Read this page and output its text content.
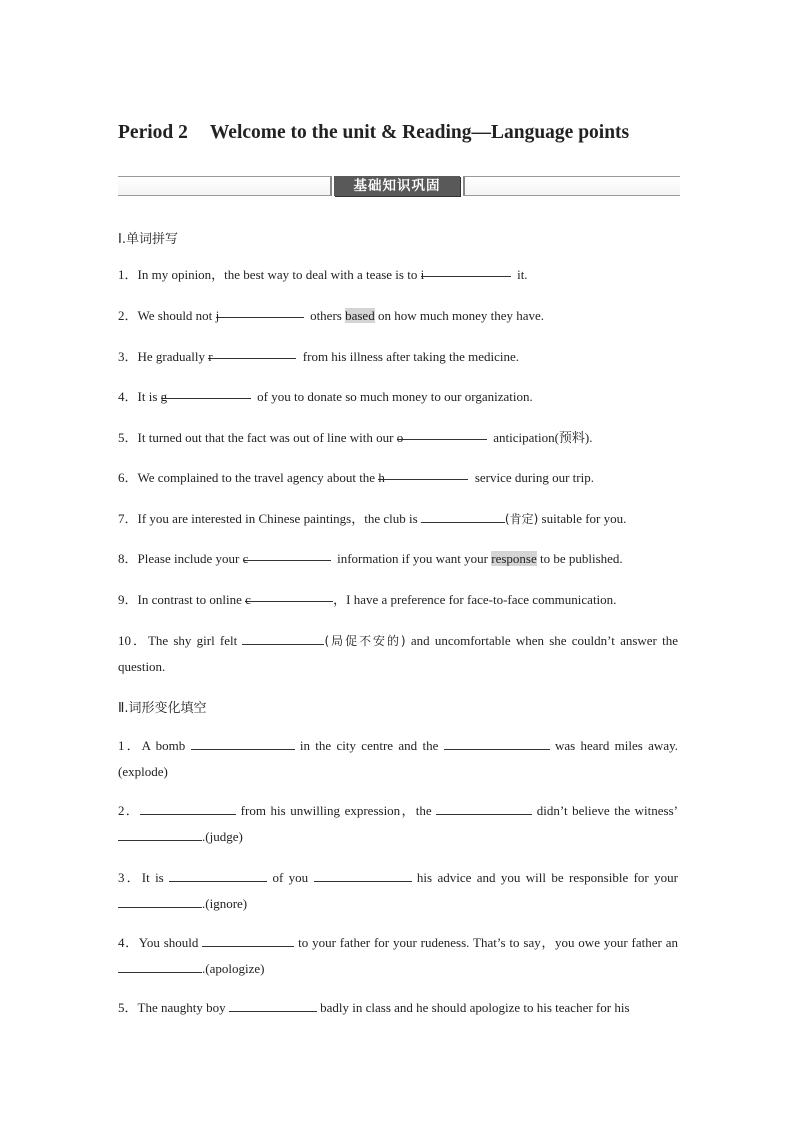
Period 2 Welcome to the unit & Reading—Language points
基础知识巩固
Ⅰ.单词拼写
1．In my opinion，the best way to deal with a tease is to i	it.
2．We should not j	others based on how much money they have.
3．He gradually r	from his illness after taking the medicine.
4．It is g	of you to donate so much money to our organization.
5．It turned out that the fact was out of line with our o	anticipation(预料).
6．We complained to the travel agency about the h	service during our trip.
7．If you are interested in Chinese paintings，the club is	(肯定) suitable for you.
8．Please include your c	information if you want your response to be published.
9．In contrast to online c	，I have a preference for face-to-face communication.
10．The shy girl felt	(局促不安的) and uncomfortable when she couldn’t answer the question.
Ⅱ.词形变化填空
1．A bomb	in the city centre and the	was heard miles away.(explode)
2．	from his unwilling expression，the	didn’t believe the witness’ .(judge)
3．It is	of you	his advice and you will be responsible for your .(ignore)
4．You should	to your father for your rudeness. That’s to say，you owe your father an .(apologize)
5．The naughty boy	badly in class and he should apologize to his teacher for his
